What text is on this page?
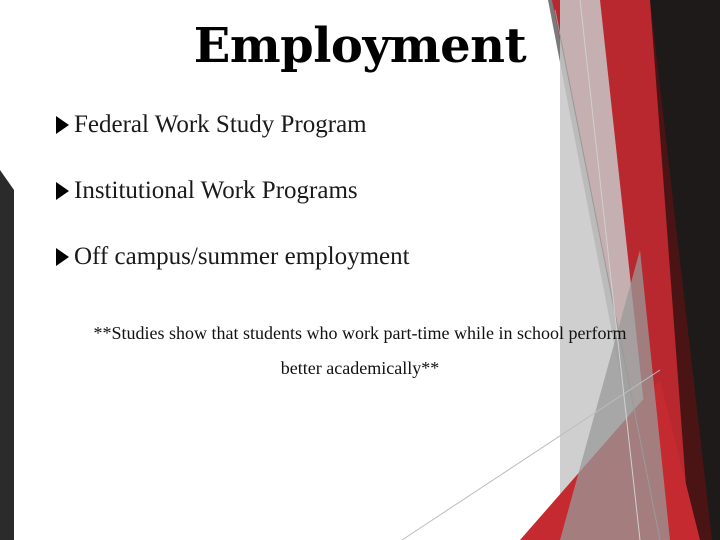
Employment
Federal Work Study Program
Institutional Work Programs
Off campus/summer employment
**Studies show that students who work part-time while in school perform
better academically**
